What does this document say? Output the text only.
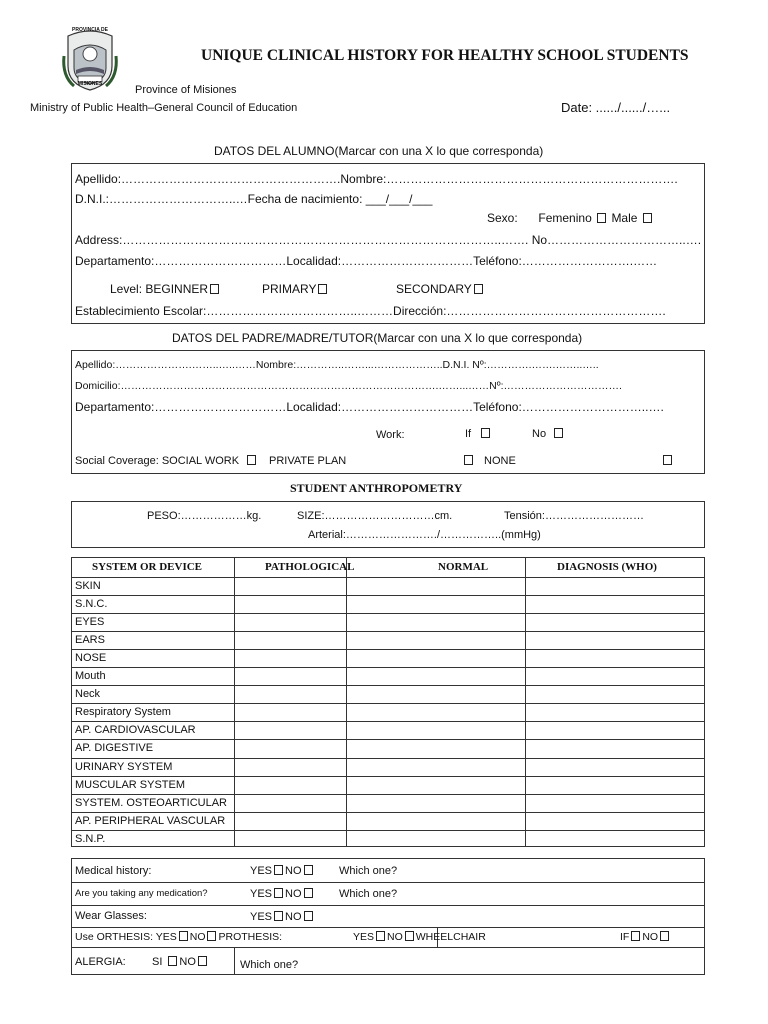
PROVINCIA DE
MISIONES
UNIQUE CLINICAL HISTORY FOR HEALTHY SCHOOL STUDENTS
Province of Misiones
Ministry of Public Health–General Council of Education	Date: ....../....../…...
DATOS DEL ALUMNO(Marcar con una X lo que corresponda)
Apellido:……………………………………………….Nombre:……………………………………………………………….
D.N.I.:…………………………..…Fecha de nacimiento: ___/___/___
Sexo: Femenino Male
Address:…………………………………………………………………………………..……. No……………………………..….
Departamento:……………………………Localidad:……………………………Teléfono:……………………….……
Level: BEGINNER	PRIMARY	SECONDARY
Establecimiento Escolar:………………………………..………Dirección:……………………………………………….
DATOS DEL PADRE/MADRE/TUTOR(Marcar con una X lo que corresponda)
Apellido:………………….……..…..……Nombre:…………..……...………………..D.N.I. Nº:………….…….……..…..
Domicilio:……………………………………………………………………………….……...……Nº:…………………………….
Departamento:……………………………Localidad:……………………………Teléfono:…………………………..….
Work:	If	No
Social Coverage: SOCIAL WORK	PRIVATE PLAN	NONE
STUDENT ANTHROPOMETRY
PESO:………………kg.	SIZE:…………………………cm.	Tensión:………………………
Arterial:……………………./……………..(mmHg)
SYSTEM OR DEVICE	PATHOLOGICAL	NORMAL	DIAGNOSIS (WHO)
SKIN
S.N.C.
EYES
EARS
NOSE
Mouth
Neck
Respiratory System
AP. CARDIOVASCULAR
AP. DIGESTIVE
URINARY SYSTEM
MUSCULAR SYSTEM
SYSTEM. OSTEOARTICULAR
AP. PERIPHERAL VASCULAR
S.N.P.
Medical history:	YES NO	Which one?
Are you taking any medication?	YES NO	Which one?
Wear Glasses:	YES NO
Use ORTHESIS: YES NO PROTHESIS:	YES NO WHEELCHAIR	IF NO
ALERGIA: SI NO	Which one?
